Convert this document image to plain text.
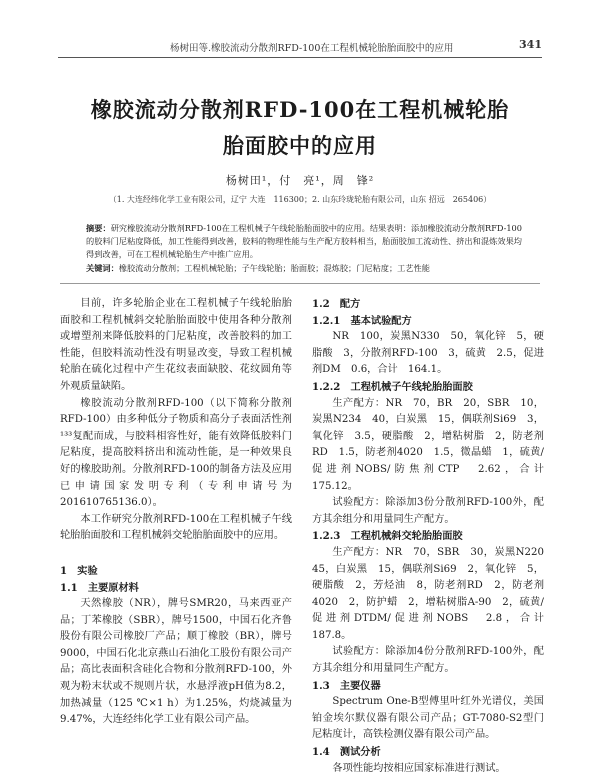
杨树田等.橡胶流动分散剂RFD-100在工程机械轮胎胎面胶中的应用	341
橡胶流动分散剂RFD-100在工程机械轮胎
胎面胶中的应用
杨树田¹，付　亮¹，周　锋²
（1. 大连经纬化学工业有限公司，辽宁 大连　116300；2. 山东玲珑轮胎有限公司，山东 招远　265406）

摘要：研究橡胶流动分散剂RFD-100在工程机械子午线轮胎胎面胶中的应用。结果表明：添加橡胶流动分散剂RFD-100的胶料门尼粘度降低，加工性能得到改善，胶料的物理性能与生产配方胶料相当，胎面胶加工流动性、挤出和混炼效果均得到改善，可在工程机械轮胎生产中推广应用。

关键词：橡胶流动分散剂；工程机械轮胎；子午线轮胎；胎面胶；混炼胶；门尼粘度；工艺性能

目前，许多轮胎企业在工程机械子午线轮胎胎面胶和工程机械斜交轮胎胎面胶中使用各种分散剂或增塑剂来降低胶料的门尼粘度，改善胶料的加工性能，但胶料流动性没有明显改变，导致工程机械轮胎在硫化过程中产生花纹表面缺胶、花纹圆角等外观质量缺陷。

橡胶流动分散剂RFD-100（以下简称分散剂RFD-100）由多种低分子物质和高分子表面活性剂¹³³复配而成，与胶料相容性好，能有效降低胶料门尼粘度，提高胶料挤出和流动性能，是一种效果良好的橡胶助剂。分散剂RFD-100的制备方法及应用已申请国家发明专利（专利申请号为201610765136.0）。

本工作研究分散剂RFD-100在工程机械子午线轮胎胎面胶和工程机械斜交轮胎胎面胶中的应用。

1　实验

1.1　主要原材料

天然橡胶（NR），牌号SMR20，马来西亚产品；丁苯橡胶（SBR），牌号1500，中国石化齐鲁股份有限公司橡胶厂产品；顺丁橡胶（BR），牌号9000，中国石化北京燕山石油化工股份有限公司产品；高比表面积含硅化合物和分散剂RFD-100，外观为粉末状或不规则片状，水悬浮液pH值为8.2，加热减量（125 ℃×1 h）为1.25%，灼烧减量为9.47%，大连经纬化学工业有限公司产品。

1.2　配方

1.2.1　基本试验配方

NR　100，炭黑N330　50，氧化锌　5，硬脂酸　3，分散剂RFD-100　3，硫黄　2.5，促进剂DM　0.6，合计　164.1。

1.2.2　工程机械子午线轮胎胎面胶

生产配方：NR　70，BR　20，SBR　10，炭黑N234　40，白炭黑　15，偶联剂Si69　3，氧化锌　3.5，硬脂酸　2，增粘树脂　2，防老剂RD　1.5，防老剂4020　1.5，微晶蜡　1，硫黄/促进剂NOBS/防焦剂CTP　2.62，合计　175.12。

试验配方：除添加3份分散剂RFD-100外，配方其余组分和用量同生产配方。

1.2.3　工程机械斜交轮胎胎面胶

生产配方：NR　70，SBR　30，炭黑N220　45，白炭黑　15，偶联剂Si69　2，氧化锌　5，硬脂酸　2，芳烃油　8，防老剂RD　2，防老剂4020　2，防护蜡　2，增粘树脂A-90　2，硫黄/促进剂DTDM/促进剂NOBS　2.8，合计　187.8。

试验配方：除添加4份分散剂RFD-100外，配方其余组分和用量同生产配方。

1.3　主要仪器

Spectrum One-B型傅里叶红外光谱仪，美国铂金埃尔默仪器有限公司产品；GT-7080-S2型门尼粘度计，高铁检测仪器有限公司产品。

1.4　测试分析

各项性能均按相应国家标准进行测试。
